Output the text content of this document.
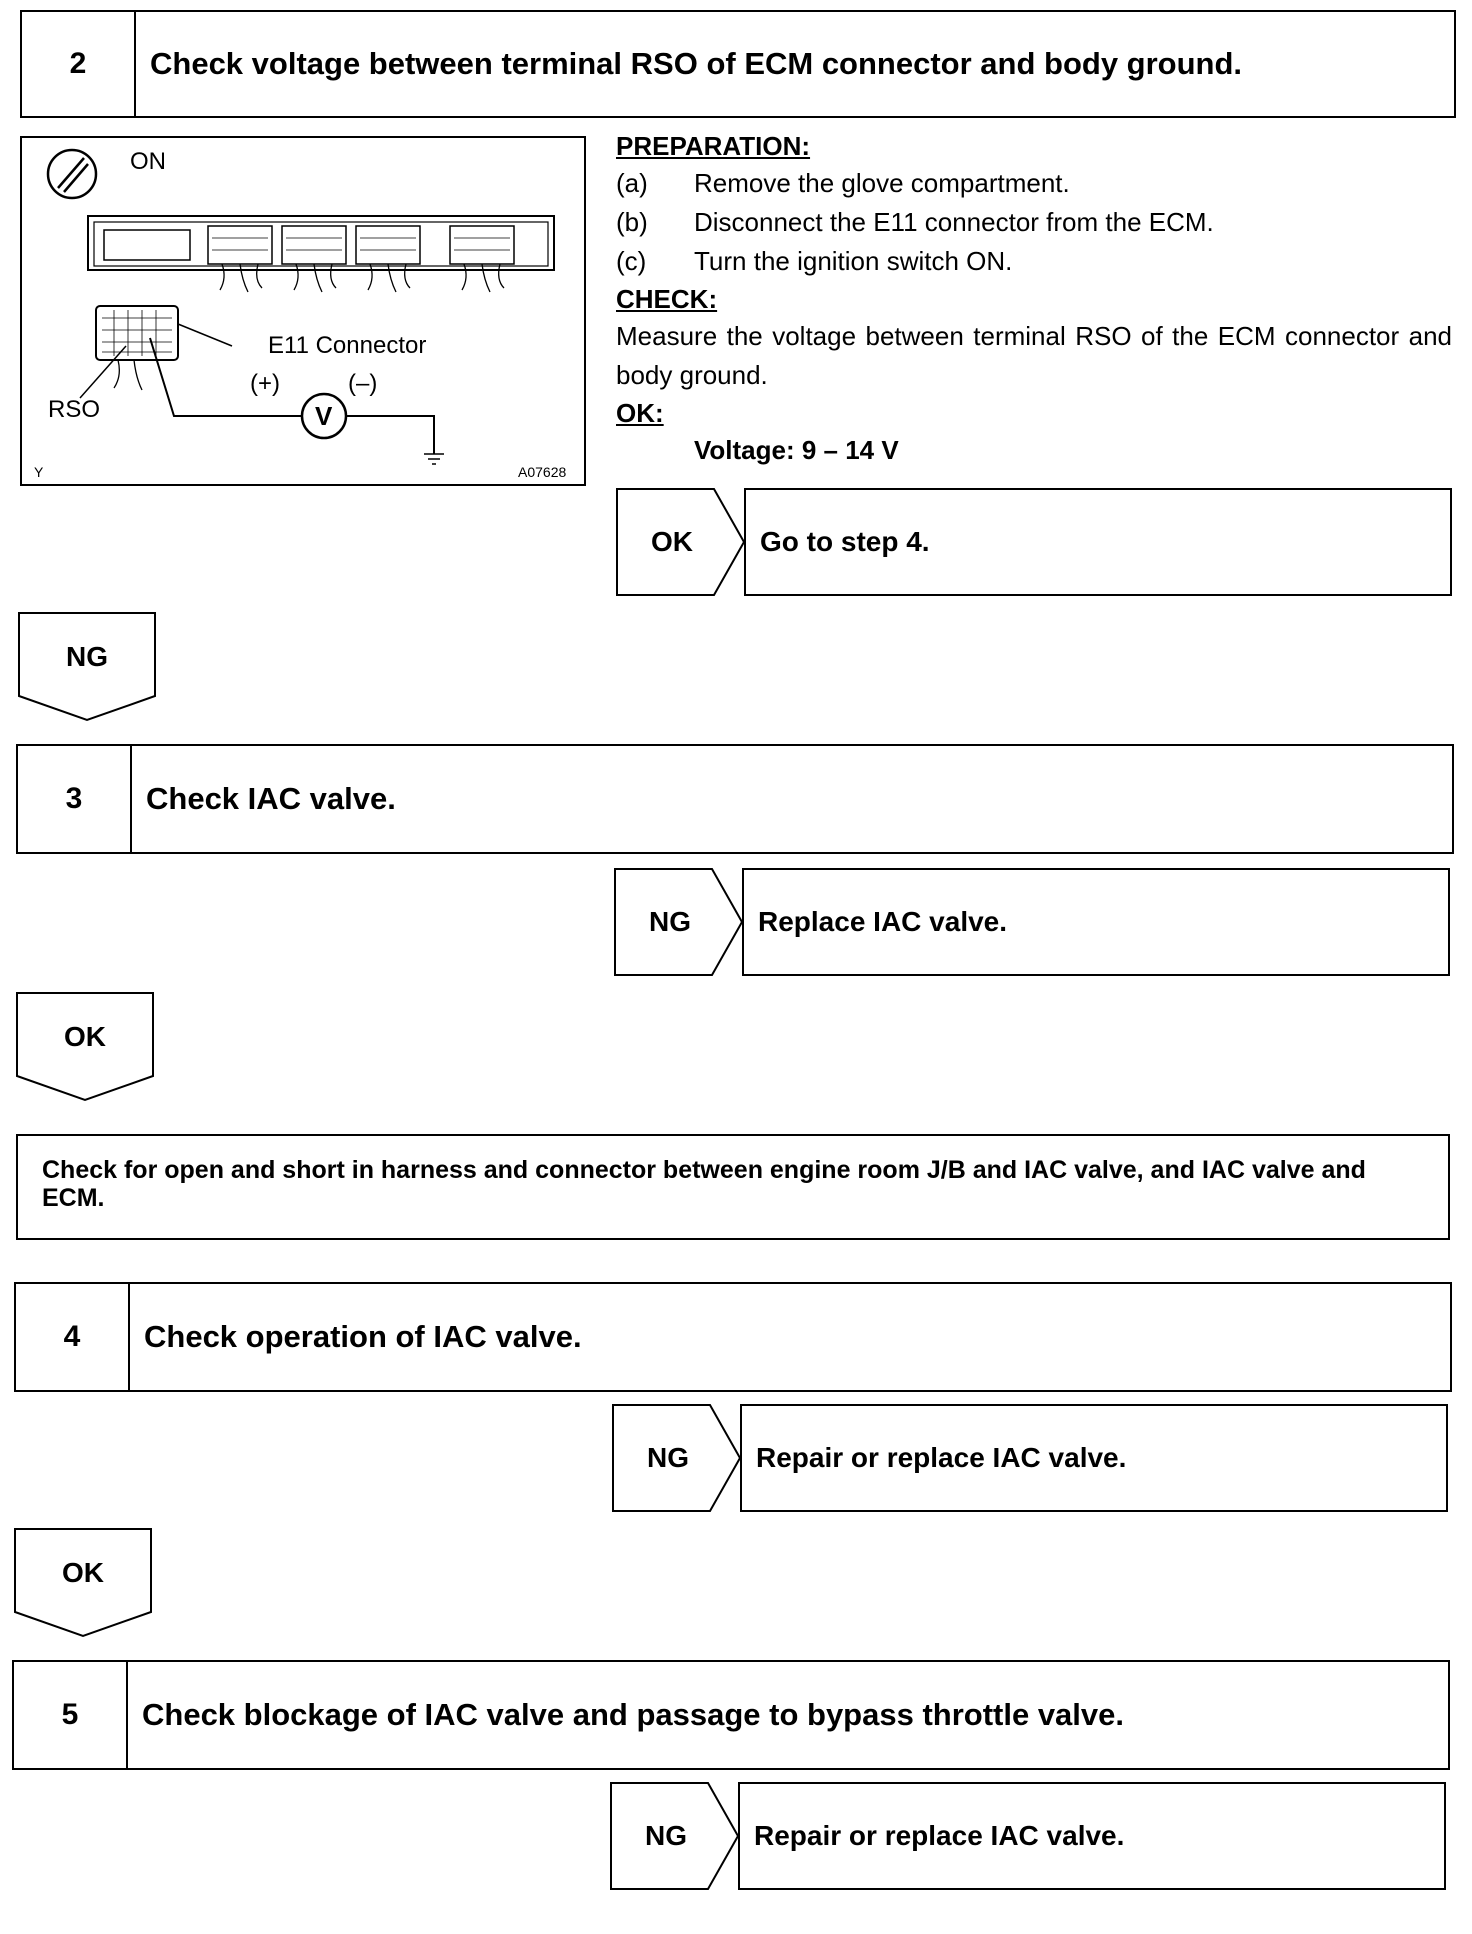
2	Check voltage between terminal RSO of ECM connector and body ground.
ON
E11 Connector
RSO
(+)	(–)
V
Y	A07628
PREPARATION:
(a) Remove the glove compartment.
(b) Disconnect the E11 connector from the ECM.
(c) Turn the ignition switch ON.
CHECK:
Measure the voltage between terminal RSO of the ECM connector and body ground.
OK:
Voltage: 9 – 14 V
OK	Go to step 4.
NG
3	Check IAC valve.
NG	Replace IAC valve.
OK
Check for open and short in harness and connector between engine room J/B and IAC valve, and IAC valve and ECM.
4	Check operation of IAC valve.
NG	Repair or replace IAC valve.
OK
5	Check blockage of IAC valve and passage to bypass throttle valve.
NG	Repair or replace IAC valve.
